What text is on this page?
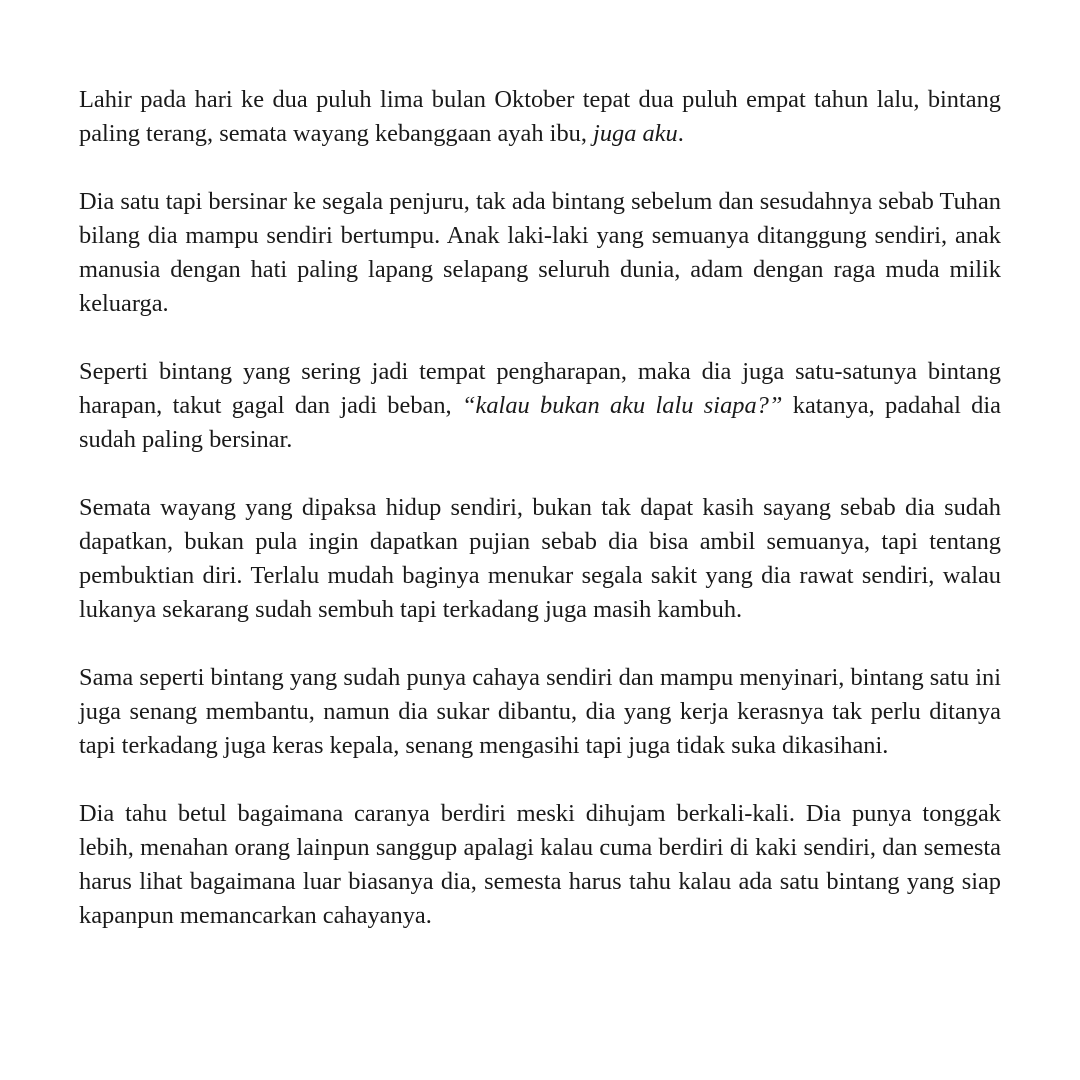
Lahir pada hari ke dua puluh lima bulan Oktober tepat dua puluh empat tahun lalu, bintang paling terang, semata wayang kebanggaan ayah ibu, juga aku.

Dia satu tapi bersinar ke segala penjuru, tak ada bintang sebelum dan sesudahnya sebab Tuhan bilang dia mampu sendiri bertumpu. Anak laki-laki yang semuanya ditanggung sendiri, anak manusia dengan hati paling lapang selapang seluruh dunia, adam dengan raga muda milik keluarga.

Seperti bintang yang sering jadi tempat pengharapan, maka dia juga satu-satunya bintang harapan, takut gagal dan jadi beban, “kalau bukan aku lalu siapa?” katanya, padahal dia sudah paling bersinar.

Semata wayang yang dipaksa hidup sendiri, bukan tak dapat kasih sayang sebab dia sudah dapatkan, bukan pula ingin dapatkan pujian sebab dia bisa ambil semuanya, tapi tentang pembuktian diri. Terlalu mudah baginya menukar segala sakit yang dia rawat sendiri, walau lukanya sekarang sudah sembuh tapi terkadang juga masih kambuh.

Sama seperti bintang yang sudah punya cahaya sendiri dan mampu menyinari, bintang satu ini juga senang membantu, namun dia sukar dibantu, dia yang kerja kerasnya tak perlu ditanya tapi terkadang juga keras kepala, senang mengasihi tapi juga tidak suka dikasihani.

Dia tahu betul bagaimana caranya berdiri meski dihujam berkali-kali. Dia punya tonggak lebih, menahan orang lainpun sanggup apalagi kalau cuma berdiri di kaki sendiri, dan semesta harus lihat bagaimana luar biasanya dia, semesta harus tahu kalau ada satu bintang yang siap kapanpun memancarkan cahayanya.
